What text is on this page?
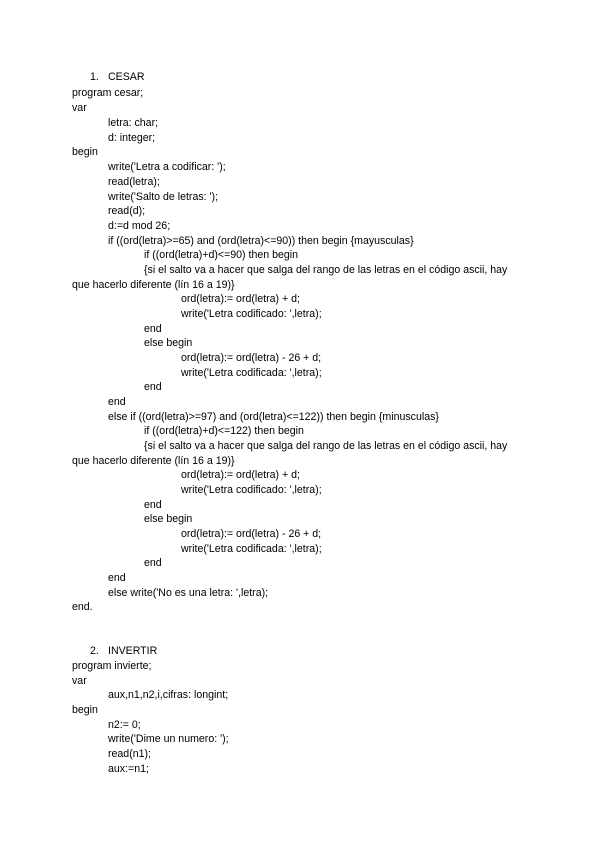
1. CESAR
program cesar;
var
letra: char;
d: integer;
begin
write('Letra a codificar: ');
read(letra);
write('Salto de letras: ');
read(d);
d:=d mod 26;
if ((ord(letra)>=65) and (ord(letra)<=90)) then begin {mayusculas}
if ((ord(letra)+d)<=90) then begin
{si el salto va a hacer que salga del rango de las letras en el código ascii, hay
que hacerlo diferente (lín 16 a 19)}
ord(letra):= ord(letra) + d;
write('Letra codificado: ',letra);
end
else begin
ord(letra):= ord(letra) - 26 + d;
write('Letra codificada: ',letra);
end
end
else if ((ord(letra)>=97) and (ord(letra)<=122)) then begin {minusculas}
if ((ord(letra)+d)<=122) then begin
{si el salto va a hacer que salga del rango de las letras en el código ascii, hay
que hacerlo diferente (lín 16 a 19)}
ord(letra):= ord(letra) + d;
write('Letra codificado: ',letra);
end
else begin
ord(letra):= ord(letra) - 26 + d;
write('Letra codificada: ',letra);
end
end
else write('No es una letra: ',letra);
end.
2. INVERTIR
program invierte;
var
aux,n1,n2,i,cifras: longint;
begin
n2:= 0;
write('Dime un numero: ');
read(n1);
aux:=n1;
